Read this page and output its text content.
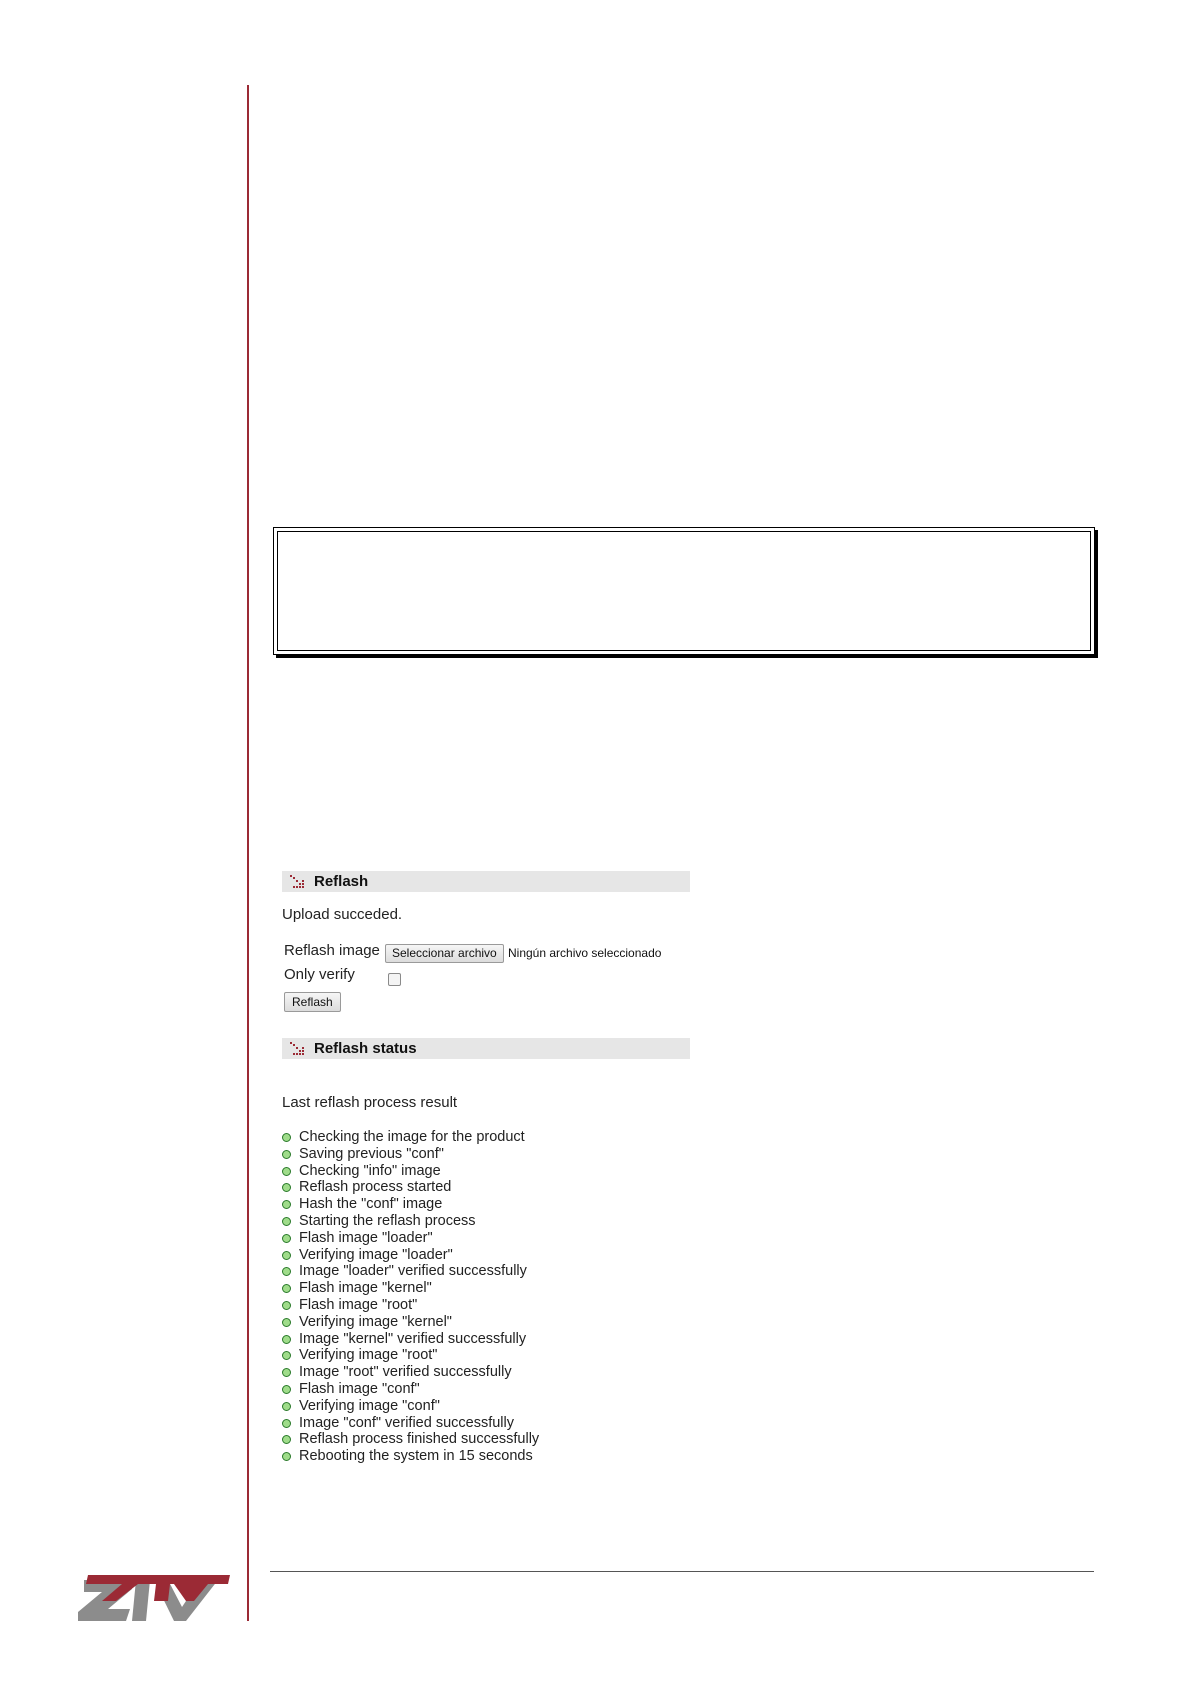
Reflash
Upload succeded.
Reflash image	Seleccionar archivo Ningún archivo seleccionado
Only verify
Reflash
Reflash status
Last reflash process result
Checking the image for the product
Saving previous "conf"
Checking "info" image
Reflash process started
Hash the "conf" image
Starting the reflash process
Flash image "loader"
Verifying image "loader"
Image "loader" verified successfully
Flash image "kernel"
Flash image "root"
Verifying image "kernel"
Image "kernel" verified successfully
Verifying image "root"
Image "root" verified successfully
Flash image "conf"
Verifying image "conf"
Image "conf" verified successfully
Reflash process finished successfully
Rebooting the system in 15 seconds
